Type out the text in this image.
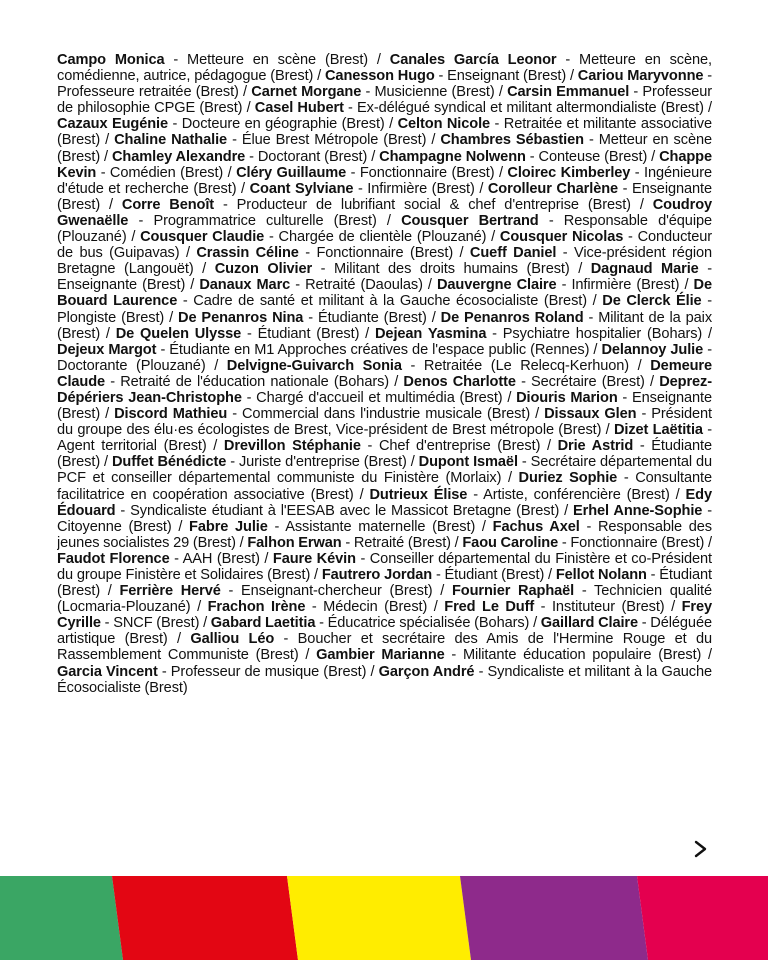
Campo Monica - Metteure en scène (Brest) / Canales García Leonor - Metteure en scène, comédienne, autrice, pédagogue (Brest) / Canesson Hugo - Enseignant (Brest) / Cariou Maryvonne - Professeure retraitée (Brest) / Carnet Morgane - Musicienne (Brest) / Carsin Emmanuel - Professeur de philosophie CPGE (Brest) / Casel Hubert - Ex-délégué syndical et militant altermondialiste (Brest) / Cazaux Eugénie - Docteure en géographie (Brest) / Celton Nicole - Retraitée et militante associative (Brest) / Chaline Nathalie - Élue Brest Métropole (Brest) / Chambres Sébastien - Metteur en scène (Brest) / Chamley Alexandre - Doctorant (Brest) / Champagne Nolwenn - Conteuse (Brest) / Chappe Kevin - Comédien (Brest) / Cléry Guillaume - Fonctionnaire (Brest) / Cloirec Kimberley - Ingénieure d'étude et recherche (Brest) / Coant Sylviane - Infirmière (Brest) / Corolleur Charlène - Enseignante (Brest) / Corre Benoît - Producteur de lubrifiant social & chef d'entreprise (Brest) / Coudroy Gwenaëlle - Programmatrice culturelle (Brest) / Cousquer Bertrand - Responsable d'équipe (Plouzané) / Cousquer Claudie - Chargée de clientèle (Plouzané) / Cousquer Nicolas - Conducteur de bus (Guipavas) / Crassin Céline - Fonctionnaire (Brest) / Cueff Daniel - Vice-président région Bretagne (Langouët) / Cuzon Olivier - Militant des droits humains (Brest) / Dagnaud Marie - Enseignante (Brest) / Danaux Marc - Retraité (Daoulas) / Dauvergne Claire - Infirmière (Brest) / De Bouard Laurence - Cadre de santé et militant à la Gauche écosocialiste (Brest) / De Clerck Élie - Plongiste (Brest) / De Penanros Nina - Étudiante (Brest) / De Penanros Roland - Militant de la paix (Brest) / De Quelen Ulysse - Étudiant (Brest) / Dejean Yasmina - Psychiatre hospitalier (Bohars) / Dejeux Margot - Étudiante en M1 Approches créatives de l'espace public (Rennes) / Delannoy Julie - Doctorante (Plouzané) / Delvigne-Guivarch Sonia - Retraitée (Le Relecq-Kerhuon) / Demeure Claude - Retraité de l'éducation nationale (Bohars) / Denos Charlotte - Secrétaire (Brest) / Deprez-Dépériers Jean-Christophe - Chargé d'accueil et multimédia (Brest) / Diouris Marion - Enseignante (Brest) / Discord Mathieu - Commercial dans l'industrie musicale (Brest) / Dissaux Glen - Président du groupe des élu·es écologistes de Brest, Vice-président de Brest métropole (Brest) / Dizet Laëtitia - Agent territorial (Brest) / Drevillon Stéphanie - Chef d'entreprise (Brest) / Drie Astrid - Étudiante (Brest) / Duffet Bénédicte - Juriste d'entreprise (Brest) / Dupont Ismaël - Secrétaire départemental du PCF et conseiller départemental communiste du Finistère (Morlaix) / Duriez Sophie - Consultante facilitatrice en coopération associative (Brest) / Dutrieux Élise - Artiste, conférencière (Brest) / Edy Édouard - Syndicaliste étudiant à l'EESAB avec le Massicot Bretagne (Brest) / Erhel Anne-Sophie - Citoyenne (Brest) / Fabre Julie - Assistante maternelle (Brest) / Fachus Axel - Responsable des jeunes socialistes 29 (Brest) / Falhon Erwan - Retraité (Brest) / Faou Caroline - Fonctionnaire (Brest) / Faudot Florence - AAH (Brest) / Faure Kévin - Conseiller départemental du Finistère et co-Président du groupe Finistère et Solidaires (Brest) / Fautrero Jordan - Étudiant (Brest) / Fellot Nolann - Étudiant (Brest) / Ferrière Hervé - Enseignant-chercheur (Brest) / Fournier Raphaël - Technicien qualité (Locmaria-Plouzané) / Frachon Irène - Médecin (Brest) / Fred Le Duff - Instituteur (Brest) / Frey Cyrille - SNCF (Brest) / Gabard Laetitia - Éducatrice spécialisée (Bohars) / Gaillard Claire - Déléguée artistique (Brest) / Galliou Léo - Boucher et secrétaire des Amis de l'Hermine Rouge et du Rassemblement Communiste (Brest) / Gambier Marianne - Militante éducation populaire (Brest) / Garcia Vincent - Professeur de musique (Brest) / Garçon André - Syndicaliste et militant à la Gauche Écosocialiste (Brest)
